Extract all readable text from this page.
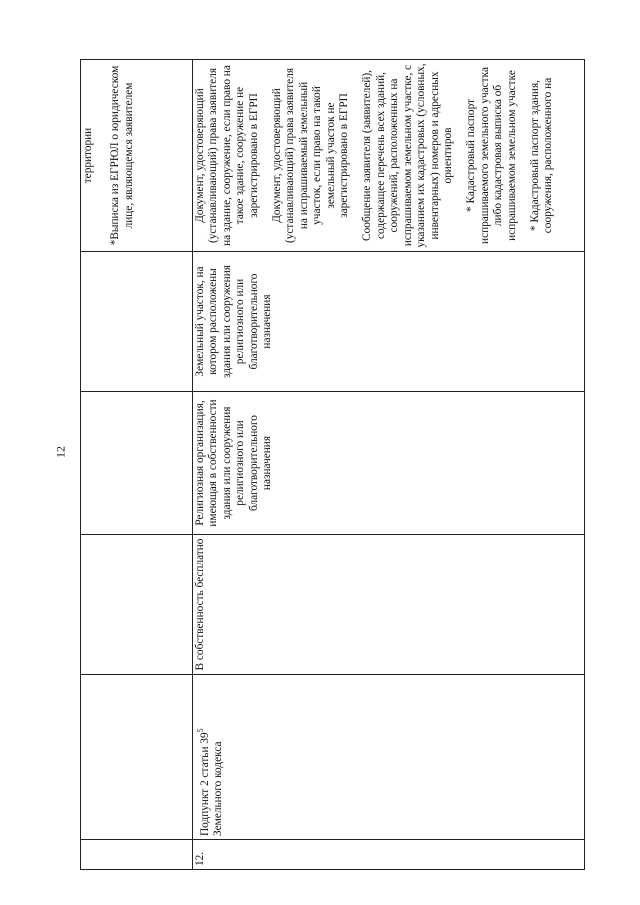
12

					территории *Выписка из ЕГРЮЛ о юридическом лице, являющемся заявителем

12.	Подпункт 2 статьи $39^5$ Земельного кодекса	В собственность бесплатно	Религиозная организация, имеющая в собственности здания или сооружения религиозного или благотворительного назначения	Земельный участок, на котором расположены здания или сооружения религиозного или благотворительного назначения	Документ, удостоверяющий (устанавливающий) права заявителя на здание, сооружение, если право на такое здание, сооружение не зарегистрировано в ЕГРП Документ, удостоверяющий (устанавливающий) права заявителя на испрашиваемый земельный участок, если право на такой земельный участок не зарегистрировано в ЕГРП Сообщение заявителя (заявителей), содержащее перечень всех зданий, сооружений, расположенных на испрашиваемом земельном участке, с указанием их кадастровых (условных, инвентарных) номеров и адресных ориентиров * Кадастровый паспорт испрашиваемого земельного участка либо кадастровая выписка об испрашиваемом земельном участке * Кадастровый паспорт здания, сооружения, расположенного на
